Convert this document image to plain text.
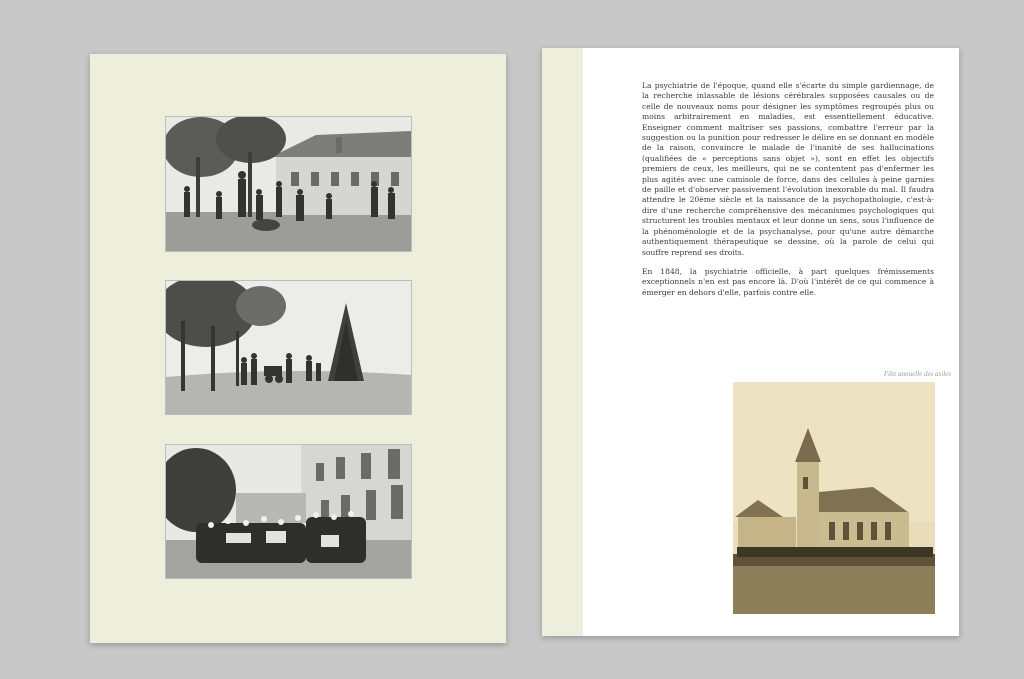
La psychiatrie de l'époque, quand elle s'écarte du simple gardiennage, de la recherche inlassable de lésions cérébrales supposées causales ou de celle de nouveaux noms pour désigner les symptômes regroupés plus ou moins arbitrairement en maladies, est essentiellement éducative. Enseigner comment maîtriser ses passions, combattre l'erreur par la suggestion ou la punition pour redresser le délire en se donnant en modèle de la raison, convaincre le malade de l'inanité de ses hallucinations (qualifiées de « perceptions sans objet »), sont en effet les objectifs premiers de ceux, les meilleurs, qui ne se contentent pas d'enfermer les plus agités avec une camisole de force, dans des cellules à peine garnies de paille et d'observer passivement l'évolution inexorable du mal. Il faudra attendre le 20ème siècle et la naissance de la psychopathologie, c'est-à-dire d'une recherche compréhensive des mécanismes psychologiques qui structurent les troubles mentaux et leur donne un sens, sous l'influence de la phénoménologie et de la psychanalyse, pour qu'une autre démarche authentiquement thérapeutique se dessine, où la parole de celui qui souffre reprend ses droits.

En 1848, la psychiatrie officielle, à part quelques frémissements exceptionnels n'en est pas encore là. D'où l'intérêt de ce qui commence à émerger en dehors d'elle, parfois contre elle.

Fête annuelle des asiles
